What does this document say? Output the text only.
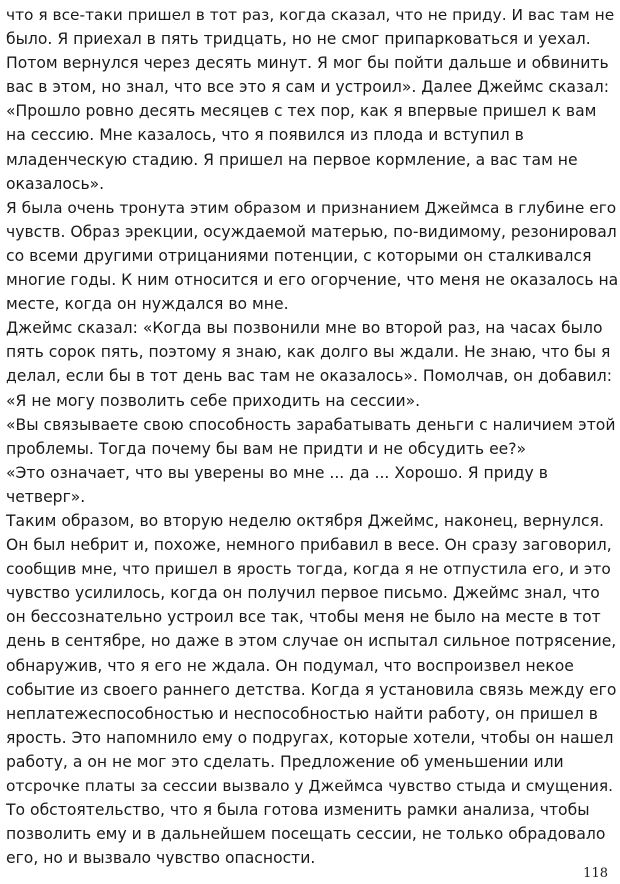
что я все-таки пришел в тот раз, когда сказал, что не приду. И вас там не
было. Я приехал в пять тридцать, но не смог припарковаться и уехал.
Потом вернулся через десять минут. Я мог бы пойти дальше и обвинить
вас в этом, но знал, что все это я сам и устроил». Далее Джеймс сказал:
«Прошло ровно десять месяцев с тех пор, как я впервые пришел к вам
на сессию. Мне казалось, что я появился из плода и вступил в
младенческую стадию. Я пришел на первое кормление, а вас там не
оказалось».
Я была очень тронута этим образом и признанием Джеймса в глубине его
чувств. Образ эрекции, осуждаемой матерью, по-видимому, резонировал
со всеми другими отрицаниями потенции, с которыми он сталкивался
многие годы. К ним относится и его огорчение, что меня не оказалось на
месте, когда он нуждался во мне.
Джеймс сказал: «Когда вы позвонили мне во второй раз, на часах было
пять сорок пять, поэтому я знаю, как долго вы ждали. Не знаю, что бы я
делал, если бы в тот день вас там не оказалось». Помолчав, он добавил:
«Я не могу позволить себе приходить на сессии».
«Вы связываете свою способность зарабатывать деньги с наличием этой
проблемы. Тогда почему бы вам не придти и не обсудить ее?»
«Это означает, что вы уверены во мне ... да ... Хорошо. Я приду в
четверг».
Таким образом, во вторую неделю октября Джеймс, наконец, вернулся.
Он был небрит и, похоже, немного прибавил в весе. Он сразу заговорил,
сообщив мне, что пришел в ярость тогда, когда я не отпустила его, и это
чувство усилилось, когда он получил первое письмо. Джеймс знал, что
он бессознательно устроил все так, чтобы меня не было на месте в тот
день в сентябре, но даже в этом случае он испытал сильное потрясение,
обнаружив, что я его не ждала. Он подумал, что воспроизвел некое
событие из своего раннего детства. Когда я установила связь между его
неплатежеспособностью и неспособностью найти работу, он пришел в
ярость. Это напомнило ему о подругах, которые хотели, чтобы он нашел
работу, а он не мог это сделать. Предложение об уменьшении или
отсрочке платы за сессии вызвало у Джеймса чувство стыда и смущения.
То обстоятельство, что я была готова изменить рамки анализа, чтобы
позволить ему и в дальнейшем посещать сессии, не только обрадовало
его, но и вызвало чувство опасности.
118
